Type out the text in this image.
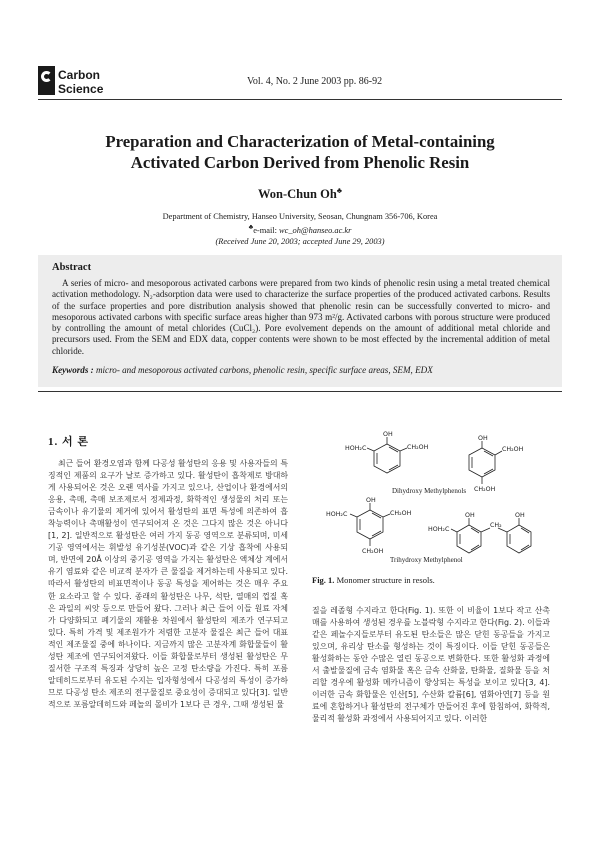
Carbon
Science
Vol. 4, No. 2 June 2003 pp. 86-92
Preparation and Characterization of Metal-containing
Activated Carbon Derived from Phenolic Resin
Won-Chun Oh♣
Department of Chemistry, Hanseo University, Seosan, Chungnam 356-706, Korea
♣e-mail: wc_oh@hanseo.ac.kr
(Received June 20, 2003; accepted June 29, 2003)
Abstract
A series of micro- and mesoporous activated carbons were prepared from two kinds of phenolic resin using a metal treated chemical activation methodology. N₂-adsorption data were used to characterize the surface properties of the produced activated carbons. Results of the surface properties and pore distribution analysis showed that phenolic resin can be successfully converted to micro- and mesoporous activated carbons with specific surface areas higher than 973 m²/g. Activated carbons with porous structure were produced by controlling the amount of metal chlorides (CuCl₂). Pore evolvement depends on the amount of additional metal chloride and precursors used. From the SEM and EDX data, copper contents were shown to be most effected by the incremental addition of metal chloride.
Keywords : micro- and mesoporous activated carbons, phenolic resin, specific surface areas, SEM, EDX
1. 서 론
최근 들어 환경오염과 함께 다공성 활성탄의 응용 및 사용자들의 특징적인 제품의 요구가 날로 증가하고 있다. 활성탄이 흡착제로 방대하게 사용되어온 것은 오랜 역사를 가지고 있으나, 산업이나 환경에서의 응용, 촉매, 촉매 보조제로서 정제과정, 화학적인 생성물의 처리 또는 금속이나 유기물의 제거에 있어서 활성탄의 표면 특성에 의존하여 흡착능력이나 촉매활성이 연구되어져 온 것은 그다지 많은 것은 아니다[1, 2]. 일반적으로 활성탄은 여러 가지 동공 영역으로 분류되며, 미세 기공 영역에서는 휘발성 유기성분(VOC)과 같은 기상 흡착에 사용되며, 반면에 20Å 이상의 중기공 영역을 가지는 활성탄은 액체상 계에서 유기 염료와 같은 비교적 분자가 큰 물질을 제거하는데 사용되고 있다. 따라서 활성탄의 비표면적이나 동공 특성을 제어하는 것은 매우 주요한 요소라고 할 수 있다. 종래의 활성탄은 나무, 석탄, 열매의 껍질 혹은 과일의 씨앗 등으로 만들어 왔다. 그러나 최근 들어 이들 원료 자체가 다양화되고 폐기물의 재활용 차원에서 활성탄의 제조가 연구되고 있다. 특히 가격 및 제조원가가 저렴한 고분자 물질은 최근 들어 대표적인 제조물질 중에 하나이다. 지금까지 많은 고분자계 화합물들이 활성탄 제조에 연구되어져왔다. 이들 화합물로부터 생성된 활성탄은 무질서한 구조적 특징과 상당히 높은 고정 탄소량을 가진다. 특히 포름 알데히드로부터 유도된 수지는 입자형성에서 다공성의 특성이 증가하므로 다공성 탄소 제조의 전구물질로 중요성이 증대되고 있다[3]. 일반적으로 포름알데히드와 페놀의 몰비가 1보다 큰 경우, 그때 생성된 물
OH
HOH₂C	CH₂OH
Dihydroxy Methylphenols
OH
CH₂OH
CH₂OH
OH
HOH₂C	CH₂OH
CH₂OH
Trihydroxy Methylphenol
OH
HOH₂C
CH₂
OH
Fig. 1. Monomer structure in resols.
질을 레졸형 수지라고 한다(Fig. 1). 또한 이 비율이 1보다 작고 산촉매를 사용하여 생성된 경우를 노블락형 수지라고 한다(Fig. 2). 이들과 같은 페놀수지들로부터 유도된 탄소들은 많은 닫힌 동공들을 가지고 있으며, 유리상 탄소를 형성하는 것이 특징이다. 이들 닫힌 동공들은 활성화하는 동안 수많은 열린 동공으로 변화한다. 또한 활성화 과정에서 출발물질에 금속 염화물 혹은 금속 산화물, 탄화물, 질화물 등을 처리할 경우에 활성화 메카니즘이 향상되는 특성을 보이고 있다[3, 4]. 이러한 금속 화합물은 인산[5], 수산화 칼륨[6], 염화아연[7] 등을 원료에 혼합하거나 활성탄의 전구체가 만들어진 후에 함침하여, 화학적, 물리적 활성화 과정에서 사용되어지고 있다. 이러한
